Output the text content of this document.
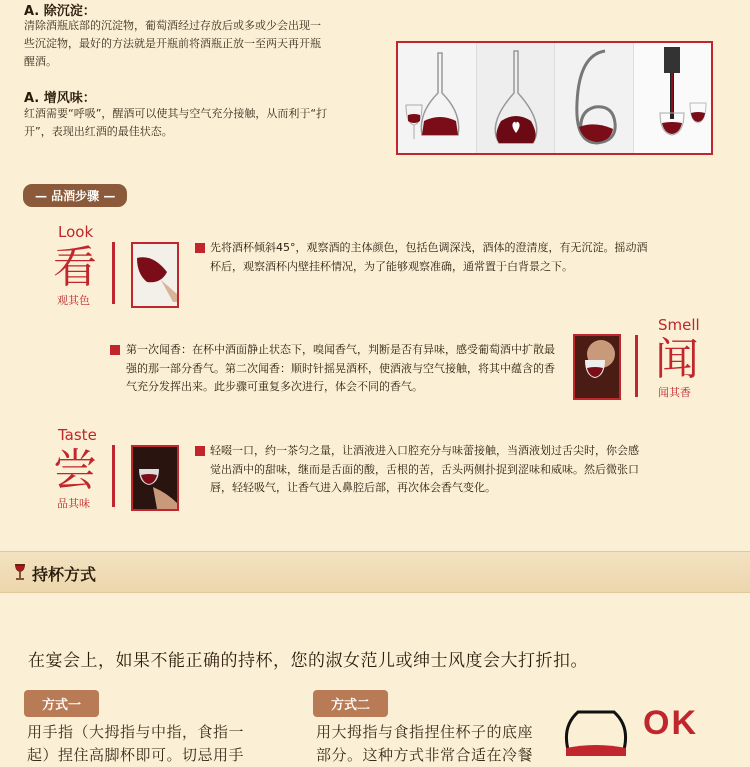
A. 除沉淀：
清除酒瓶底部的沉淀物，葡萄酒经过存放后或多或少会出现一些沉淀物，最好的方法就是开瓶前将酒瓶正放一至两天再开瓶醒酒。
A. 增风味：
红酒需要“呼吸”，醒酒可以使其与空气充分接触，从而利于“打开”，表现出红酒的最佳状态。
— 品酒步骤 —
Look
看
观其色
先将酒杯倾斜45°，观察酒的主体颜色，包括色调深浅，酒体的澄清度，有无沉淀。摇动酒杯后，观察酒杯内壁挂杯情况，为了能够观察准确，通常置于白背景之下。
Smell
闻
闻其香
第一次闻香：在杯中酒面静止状态下，嗅闻香气，判断是否有异味，感受葡萄酒中扩散最强的那一部分香气。第二次闻香：顺时针摇晃酒杯，使酒液与空气接触，将其中蕴含的香气充分发挥出来。此步骤可重复多次进行，体会不同的香气。
Taste
尝
品其味
轻啜一口，约一茶匀之量，让酒液进入口腔充分与味蕾接触，当酒液划过舌尖时，你会感觉出酒中的甜味，继而是舌面的酸，舌根的苦，舌头两侧扑捉到涩味和威味。然后微张口唇，轻轻吸气，让香气进入鼻腔后部，再次体会香气变化。
持杯方式
在宴会上，如果不能正确的持杯，您的淑女范儿或绅士风度会大打折扣。
方式一
用手指（大拇指与中指，食指一起）捏住高脚杯即可。切忌用手
方式二
用大拇指与食指捏住杯子的底座部分。这种方式非常合适在冷餐
OK
